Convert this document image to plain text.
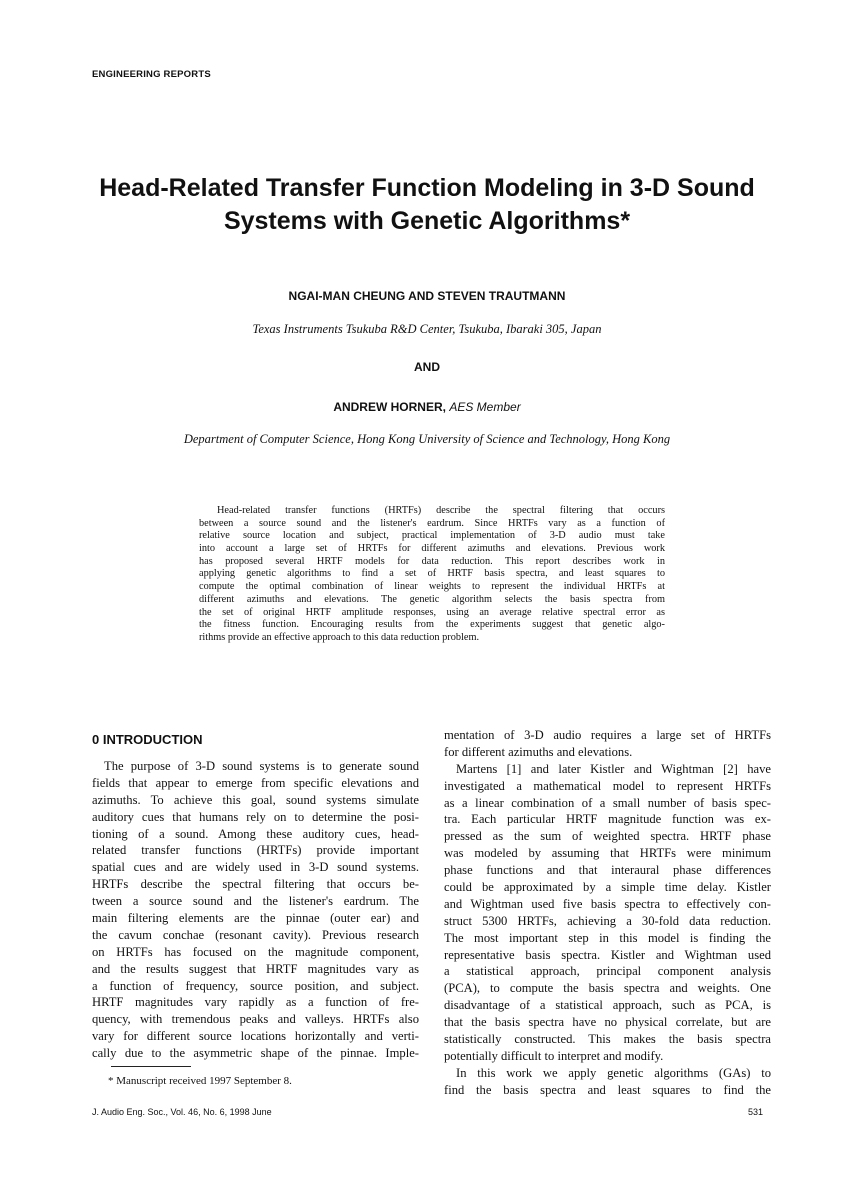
ENGINEERING REPORTS
Head-Related Transfer Function Modeling in 3-D Sound
Systems with Genetic Algorithms*
NGAI-MAN CHEUNG AND STEVEN TRAUTMANN
Texas Instruments Tsukuba R&D Center, Tsukuba, Ibaraki 305, Japan
AND
ANDREW HORNER, AES Member
Department of Computer Science, Hong Kong University of Science and Technology, Hong Kong
Head-related transfer functions (HRTFs) describe the spectral filtering that occurs
between a source sound and the listener's eardrum. Since HRTFs vary as a function of
relative source location and subject, practical implementation of 3-D audio must take
into account a large set of HRTFs for different azimuths and elevations. Previous work
has proposed several HRTF models for data reduction. This report describes work in
applying genetic algorithms to find a set of HRTF basis spectra, and least squares to
compute the optimal combination of linear weights to represent the individual HRTFs at
different azimuths and elevations. The genetic algorithm selects the basis spectra from
the set of original HRTF amplitude responses, using an average relative spectral error as
the fitness function. Encouraging results from the experiments suggest that genetic algo-
rithms provide an effective approach to this data reduction problem.
0 INTRODUCTION
The purpose of 3-D sound systems is to generate sound
fields that appear to emerge from specific elevations and
azimuths. To achieve this goal, sound systems simulate
auditory cues that humans rely on to determine the posi-
tioning of a sound. Among these auditory cues, head-
related transfer functions (HRTFs) provide important
spatial cues and are widely used in 3-D sound systems.
HRTFs describe the spectral filtering that occurs be-
tween a source sound and the listener's eardrum. The
main filtering elements are the pinnae (outer ear) and
the cavum conchae (resonant cavity). Previous research
on HRTFs has focused on the magnitude component,
and the results suggest that HRTF magnitudes vary as
a function of frequency, source position, and subject.
HRTF magnitudes vary rapidly as a function of fre-
quency, with tremendous peaks and valleys. HRTFs also
vary for different source locations horizontally and verti-
cally due to the asymmetric shape of the pinnae. Imple-
mentation of 3-D audio requires a large set of HRTFs
for different azimuths and elevations.
Martens [1] and later Kistler and Wightman [2] have
investigated a mathematical model to represent HRTFs
as a linear combination of a small number of basis spec-
tra. Each particular HRTF magnitude function was ex-
pressed as the sum of weighted spectra. HRTF phase
was modeled by assuming that HRTFs were minimum
phase functions and that interaural phase differences
could be approximated by a simple time delay. Kistler
and Wightman used five basis spectra to effectively con-
struct 5300 HRTFs, achieving a 30-fold data reduction.
The most important step in this model is finding the
representative basis spectra. Kistler and Wightman used
a statistical approach, principal component analysis
(PCA), to compute the basis spectra and weights. One
disadvantage of a statistical approach, such as PCA, is
that the basis spectra have no physical correlate, but are
statistically constructed. This makes the basis spectra
potentially difficult to interpret and modify.
In this work we apply genetic algorithms (GAs) to
find the basis spectra and least squares to find the
* Manuscript received 1997 September 8.
J. Audio Eng. Soc., Vol. 46, No. 6, 1998 June	531
